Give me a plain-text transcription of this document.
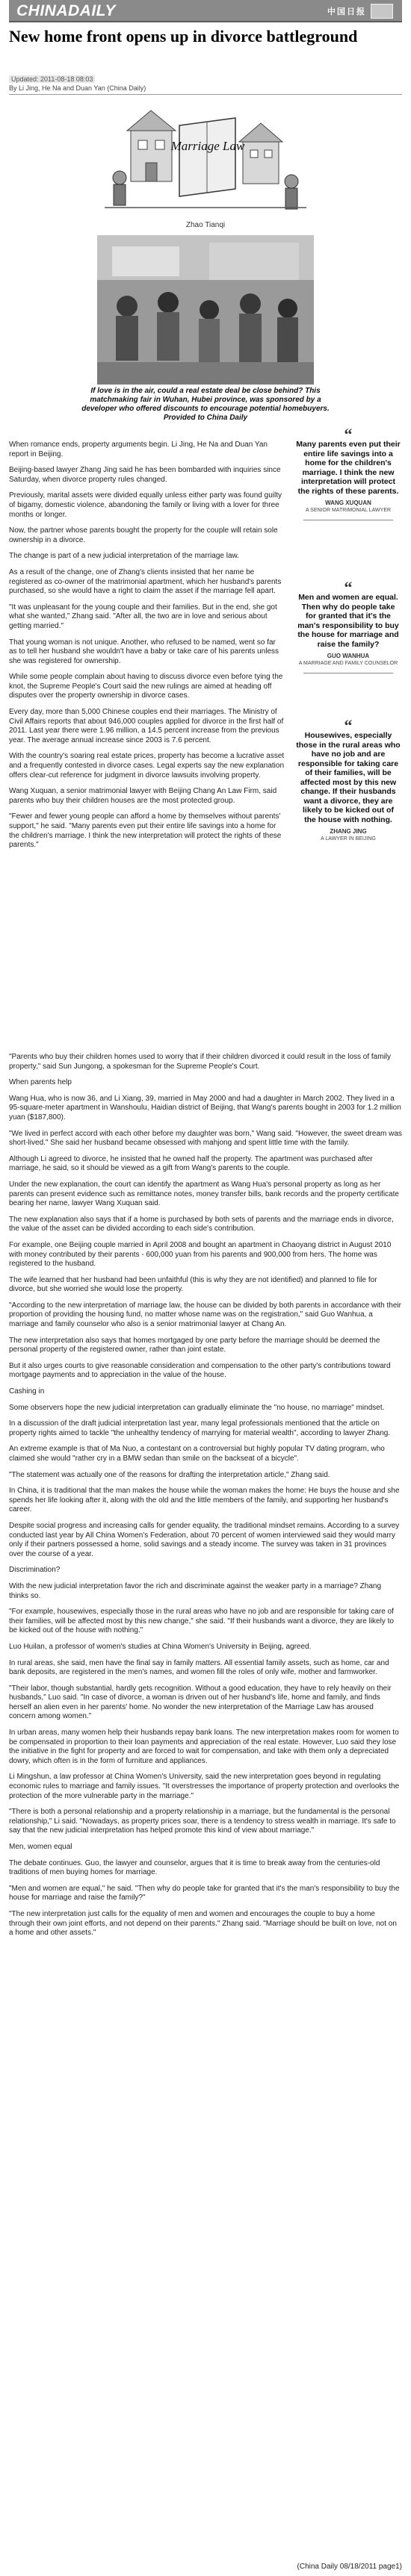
CHINADAILY	中国日报
New home front opens up in divorce battleground
Updated: 2011-08-18 08:03
By Li Jing, He Na and Duan Yan (China Daily)
Marriage Law
Zhao Tianqi
If love is in the air, could a real estate deal be close behind? This matchmaking fair in Wuhan, Hubei province, was sponsored by a developer who offered discounts to encourage potential homebuyers. Provided to China Daily

When romance ends, property arguments begin. Li Jing, He Na and Duan Yan report in Beijing.

Beijing-based lawyer Zhang Jing said he has been bombarded with inquiries since Saturday, when divorce property rules changed.

Previously, marital assets were divided equally unless either party was found guilty of bigamy, domestic violence, abandoning the family or living with a lover for three months or longer.

Now, the partner whose parents bought the property for the couple will retain sole ownership in a divorce.

The change is part of a new judicial interpretation of the marriage law.

As a result of the change, one of Zhang's clients insisted that her name be registered as co-owner of the matrimonial apartment, which her husband's parents purchased, so she would have a right to claim the asset if the marriage fell apart.

"It was unpleasant for the young couple and their families. But in the end, she got what she wanted," Zhang said. "After all, the two are in love and serious about getting married."

That young woman is not unique. Another, who refused to be named, went so far as to tell her husband she wouldn't have a baby or take care of his parents unless she was registered for ownership.

While some people complain about having to discuss divorce even before tying the knot, the Supreme People's Court said the new rulings are aimed at heading off disputes over the property ownership in divorce cases.

Every day, more than 5,000 Chinese couples end their marriages. The Ministry of Civil Affairs reports that about 946,000 couples applied for divorce in the first half of 2011. Last year there were 1.96 million, a 14.5 percent increase from the previous year. The average annual increase since 2003 is 7.6 percent.

With the country's soaring real estate prices, property has become a lucrative asset and a frequently contested in divorce cases. Legal experts say the new explanation offers clear-cut reference for judgment in divorce lawsuits involving property.

Wang Xuquan, a senior matrimonial lawyer with Beijing Chang An Law Firm, said parents who buy their children houses are the most protected group.

"Fewer and fewer young people can afford a home by themselves without parents' support," he said. "Many parents even put their entire life savings into a home for the children's marriage. I think the new interpretation will protect the rights of these parents."

“

Many parents even put their entire life savings into a home for the children's marriage. I think the new interpretation will protect the rights of these parents.

WANG XUQUAN
A SENIOR MATRIMONIAL LAWYER
“

Men and women are equal. Then why do people take for granted that it's the man's responsibility to buy the house for marriage and raise the family?

GUO WANHUA
A MARRIAGE AND FAMILY COUNSELOR
“

Housewives, especially those in the rural areas who have no job and are responsible for taking care of their families, will be affected most by this new change. If their husbands want a divorce, they are likely to be kicked out of the house with nothing.

ZHANG JING
A LAWYER IN BEIJING

"Parents who buy their children homes used to worry that if their children divorced it could result in the loss of family property," said Sun Jungong, a spokesman for the Supreme People's Court.

When parents help

Wang Hua, who is now 36, and Li Xiang, 39, married in May 2000 and had a daughter in March 2002. They lived in a 95-square-meter apartment in Wanshoulu, Haidian district of Beijing, that Wang's parents bought in 2003 for 1.2 million yuan ($187,800).

"We lived in perfect accord with each other before my daughter was born," Wang said. "However, the sweet dream was short-lived." She said her husband became obsessed with mahjong and spent little time with the family.

Although Li agreed to divorce, he insisted that he owned half the property. The apartment was purchased after marriage, he said, so it should be viewed as a gift from Wang's parents to the couple.

Under the new explanation, the court can identify the apartment as Wang Hua's personal property as long as her parents can present evidence such as remittance notes, money transfer bills, bank records and the property certificate bearing her name, lawyer Wang Xuquan said.

The new explanation also says that if a home is purchased by both sets of parents and the marriage ends in divorce, the value of the asset can be divided according to each side's contribution.

For example, one Beijing couple married in April 2008 and bought an apartment in Chaoyang district in August 2010 with money contributed by their parents - 600,000 yuan from his parents and 900,000 from hers. The home was registered to the husband.

The wife learned that her husband had been unfaithful (this is why they are not identified) and planned to file for divorce, but she worried she would lose the property.

"According to the new interpretation of marriage law, the house can be divided by both parents in accordance with their proportion of providing the housing fund, no matter whose name was on the registration," said Guo Wanhua, a marriage and family counselor who also is a senior matrimonial lawyer at Chang An.

The new interpretation also says that homes mortgaged by one party before the marriage should be deemed the personal property of the registered owner, rather than joint estate.

But it also urges courts to give reasonable consideration and compensation to the other party's contributions toward mortgage payments and to appreciation in the value of the house.

Cashing in

Some observers hope the new judicial interpretation can gradually eliminate the "no house, no marriage" mindset.

In a discussion of the draft judicial interpretation last year, many legal professionals mentioned that the article on property rights aimed to tackle "the unhealthy tendency of marrying for material wealth", according to lawyer Zhang.

An extreme example is that of Ma Nuo, a contestant on a controversial but highly popular TV dating program, who claimed she would "rather cry in a BMW sedan than smile on the backseat of a bicycle".

"The statement was actually one of the reasons for drafting the interpretation article," Zhang said.

In China, it is traditional that the man makes the house while the woman makes the home: He buys the house and she spends her life looking after it, along with the old and the little members of the family, and supporting her husband's career.

Despite social progress and increasing calls for gender equality, the traditional mindset remains. According to a survey conducted last year by All China Women's Federation, about 70 percent of women interviewed said they would marry only if their partners possessed a home, solid savings and a steady income. The survey was taken in 31 provinces over the course of a year.

Discrimination?

With the new judicial interpretation favor the rich and discriminate against the weaker party in a marriage? Zhang thinks so.

"For example, housewives, especially those in the rural areas who have no job and are responsible for taking care of their families, will be affected most by this new change," she said. "If their husbands want a divorce, they are likely to be kicked out of the house with nothing."

Luo Huilan, a professor of women's studies at China Women's University in Beijing, agreed.

In rural areas, she said, men have the final say in family matters. All essential family assets, such as home, car and bank deposits, are registered in the men's names, and women fill the roles of only wife, mother and farmworker.

"Their labor, though substantial, hardly gets recognition. Without a good education, they have to rely heavily on their husbands," Luo said. "In case of divorce, a woman is driven out of her husband's life, home and family, and finds herself an alien even in her parents' home. No wonder the new interpretation of the Marriage Law has aroused concern among women."

In urban areas, many women help their husbands repay bank loans. The new interpretation makes room for women to be compensated in proportion to their loan payments and appreciation of the real estate. However, Luo said they lose the initiative in the fight for property and are forced to wait for compensation, and take with them only a depreciated dowry, which often is in the form of furniture and appliances.

Li Mingshun, a law professor at China Women's University, said the new interpretation goes beyond in regulating economic rules to marriage and family issues. "It overstresses the importance of property protection and overlooks the protection of the more vulnerable party in the marriage."

"There is both a personal relationship and a property relationship in a marriage, but the fundamental is the personal relationship," Li said. "Nowadays, as property prices soar, there is a tendency to stress wealth in marriage. It's safe to say that the new judicial interpretation has helped promote this kind of view about marriage."

Men, women equal

The debate continues. Guo, the lawyer and counselor, argues that it is time to break away from the centuries-old traditions of men buying homes for marriage.

"Men and women are equal," he said. "Then why do people take for granted that it's the man's responsibility to buy the house for marriage and raise the family?"

"The new interpretation just calls for the equality of men and women and encourages the couple to buy a home through their own joint efforts, and not depend on their parents." Zhang said. "Marriage should be built on love, not on a home and other assets."

(China Daily 08/18/2011 page1)
